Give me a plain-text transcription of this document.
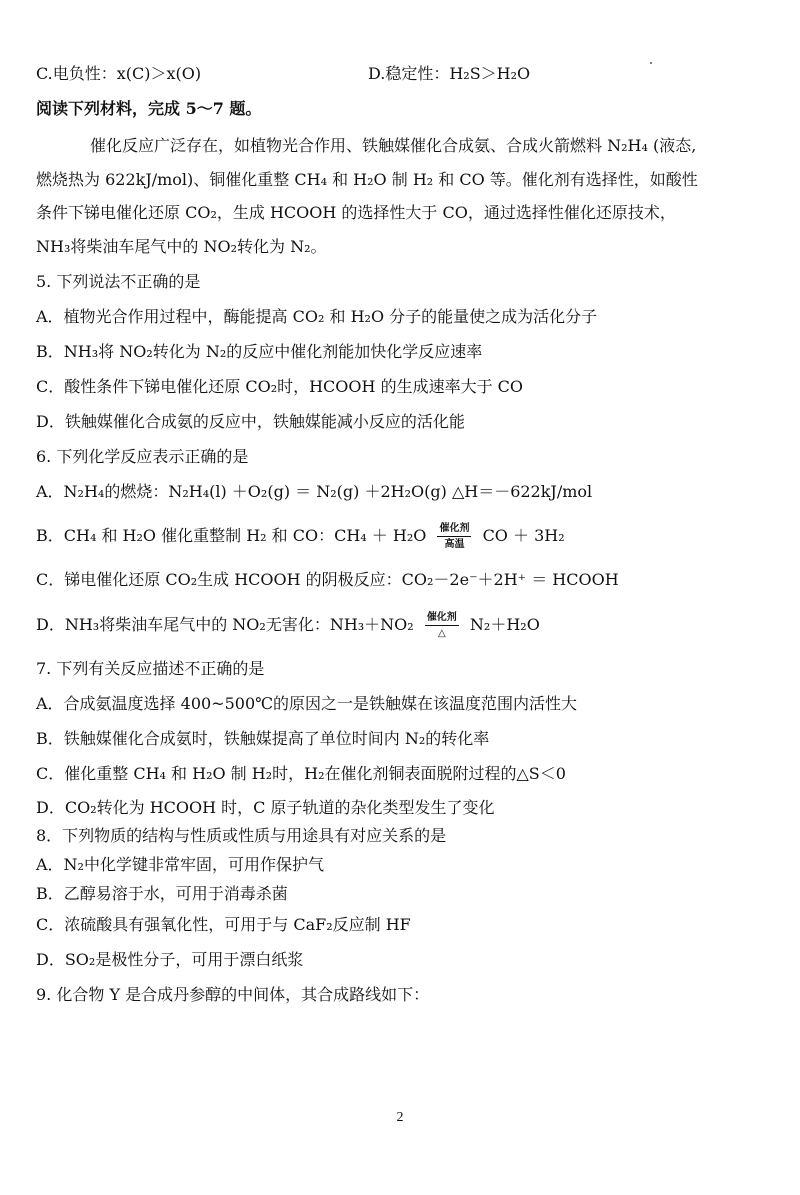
C.电负性：x(C)＞x(O)	D.稳定性：H₂S＞H₂O
阅读下列材料，完成 5～7 题。
催化反应广泛存在，如植物光合作用、铁触媒催化合成氨、合成火箭燃料 N₂H₄ (液态,
燃烧热为 622kJ/mol)、铜催化重整 CH₄ 和 H₂O 制 H₂ 和 CO 等。催化剂有选择性，如酸性
条件下锑电催化还原 CO₂，生成 HCOOH 的选择性大于 CO，通过选择性催化还原技术，
NH₃将柴油车尾气中的 NO₂转化为 N₂。
5. 下列说法不正确的是
A．植物光合作用过程中，酶能提高 CO₂ 和 H₂O 分子的能量使之成为活化分子
B．NH₃将 NO₂转化为 N₂的反应中催化剂能加快化学反应速率
C．酸性条件下锑电催化还原 CO₂时，HCOOH 的生成速率大于 CO
D．铁触媒催化合成氨的反应中，铁触媒能减小反应的活化能
6. 下列化学反应表示正确的是
A．N₂H₄的燃烧：N₂H₄(l) ＋O₂(g) ＝ N₂(g) ＋2H₂O(g) △H＝－622kJ/mol
B．CH₄ 和 H₂O 催化重整制 H₂ 和 CO：CH₄ ＋ H₂O 催化剂
高温 CO ＋ 3H₂
C．锑电催化还原 CO₂生成 HCOOH 的阴极反应：CO₂－2e⁻＋2H⁺ ＝ HCOOH
D．NH₃将柴油车尾气中的 NO₂无害化：NH₃＋NO₂ 催化剂
△ N₂＋H₂O
7. 下列有关反应描述不正确的是
A．合成氨温度选择 400~500℃的原因之一是铁触媒在该温度范围内活性大
B．铁触媒催化合成氨时，铁触媒提高了单位时间内 N₂的转化率
C．催化重整 CH₄ 和 H₂O 制 H₂时，H₂在催化剂铜表面脱附过程的△S＜0
D．CO₂转化为 HCOOH 时，C 原子轨道的杂化类型发生了变化
8．下列物质的结构与性质或性质与用途具有对应关系的是
A．N₂中化学键非常牢固，可用作保护气
B．乙醇易溶于水，可用于消毒杀菌
C．浓硫酸具有强氧化性，可用于与 CaF₂反应制 HF
D．SO₂是极性分子，可用于漂白纸浆
9. 化合物 Y 是合成丹参醇的中间体，其合成路线如下：
2
